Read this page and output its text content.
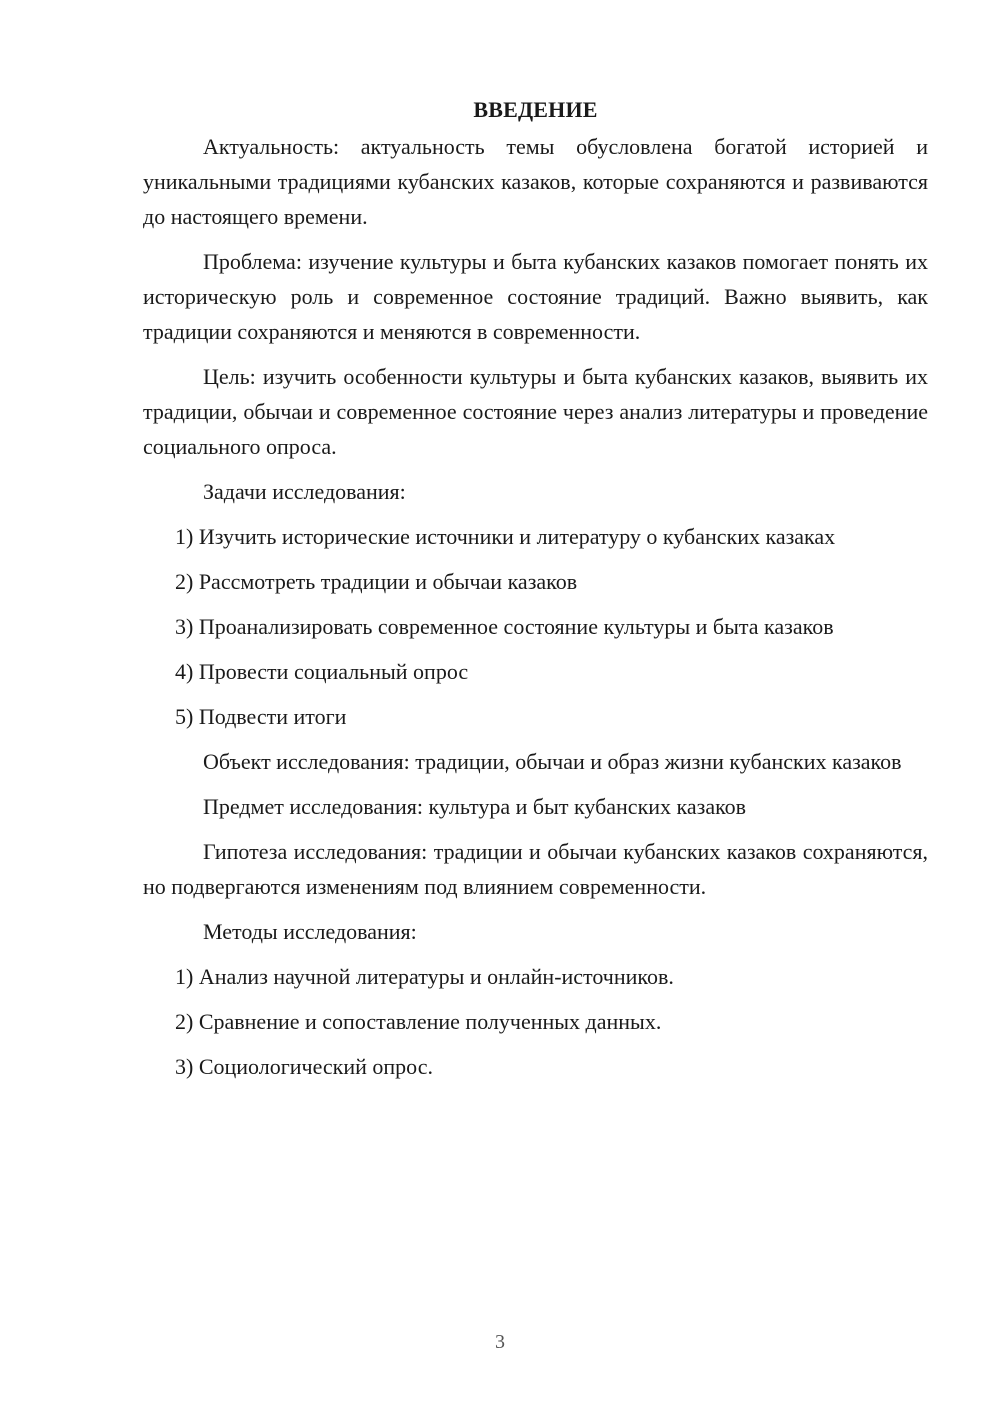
ВВЕДЕНИЕ

Актуальность: актуальность темы обусловлена богатой историей и уникальными традициями кубанских казаков, которые сохраняются и развиваются до настоящего времени.

Проблема: изучение культуры и быта кубанских казаков помогает понять их историческую роль и современное состояние традиций. Важно выявить, как традиции сохраняются и меняются в современности.

Цель: изучить особенности культуры и быта кубанских казаков, выявить их традиции, обычаи и современное состояние через анализ литературы и проведение социального опроса.

Задачи исследования:

1) Изучить исторические источники и литературу о кубанских казаках
2) Рассмотреть традиции и обычаи казаков
3) Проанализировать современное состояние культуры и быта казаков
4) Провести социальный опрос
5) Подвести итоги

Объект исследования: традиции, обычаи и образ жизни кубанских казаков

Предмет исследования: культура и быт кубанских казаков

Гипотеза исследования: традиции и обычаи кубанских казаков сохраняются, но подвергаются изменениям под влиянием современности.

Методы исследования:

1) Анализ научной литературы и онлайн-источников.
2) Сравнение и сопоставление полученных данных.
3) Социологический опрос.
3
